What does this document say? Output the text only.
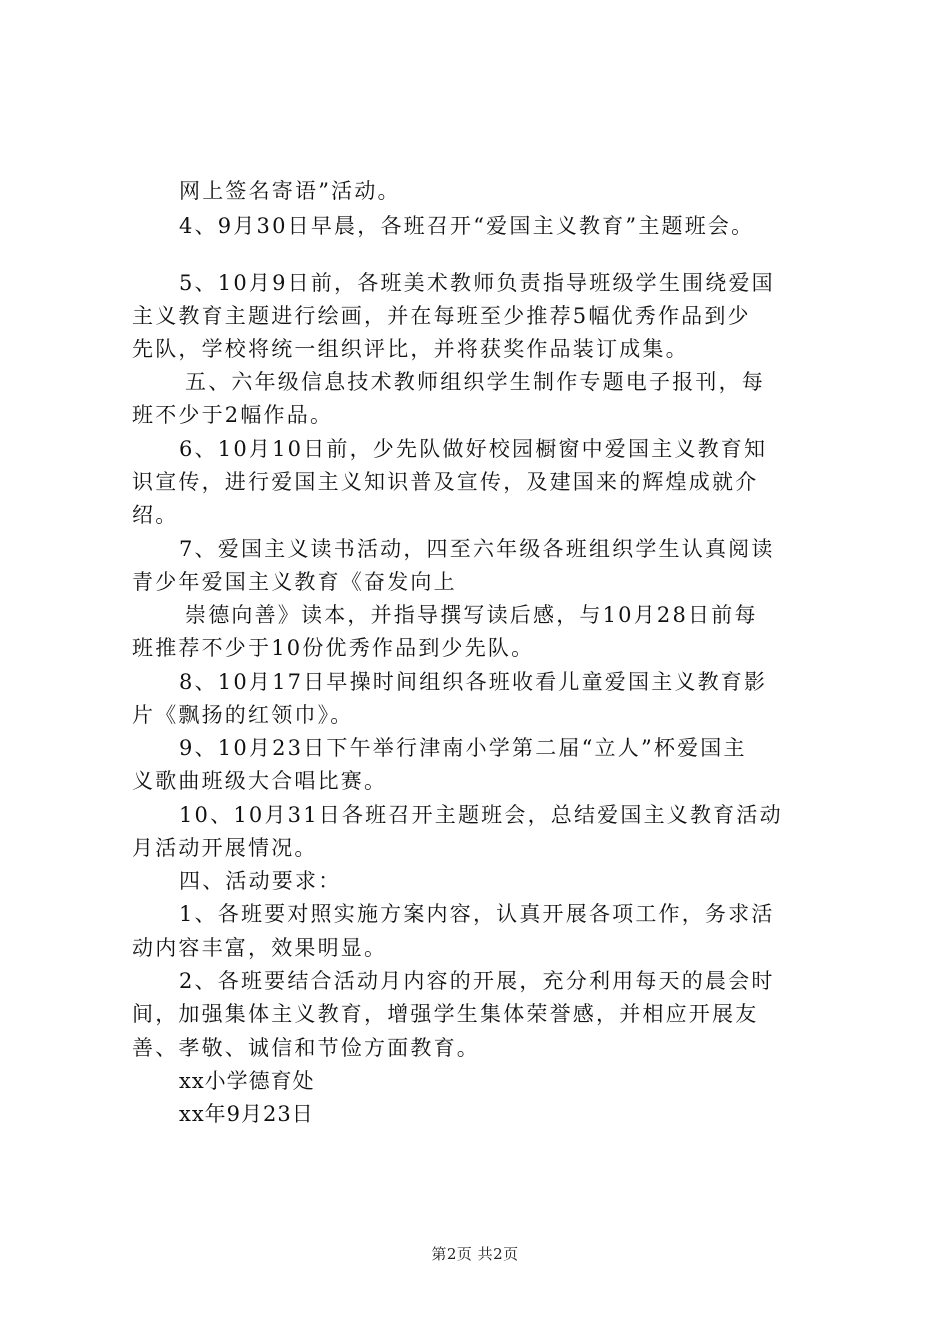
网上签名寄语”活动。
4、9月30日早晨，各班召开“爱国主义教育”主题班会。
5、10月9日前，各班美术教师负责指导班级学生围绕爱国
主义教育主题进行绘画，并在每班至少推荐5幅优秀作品到少
先队，学校将统一组织评比，并将获奖作品装订成集。
五、六年级信息技术教师组织学生制作专题电子报刊，每
班不少于2幅作品。
6、10月10日前，少先队做好校园橱窗中爱国主义教育知
识宣传，进行爱国主义知识普及宣传，及建国来的辉煌成就介
绍。
7、爱国主义读书活动，四至六年级各班组织学生认真阅读
青少年爱国主义教育《奋发向上
崇德向善》读本，并指导撰写读后感，与10月28日前每
班推荐不少于10份优秀作品到少先队。
8、10月17日早操时间组织各班收看儿童爱国主义教育影
片《飘扬的红领巾》。
9、10月23日下午举行津南小学第二届“立人”杯爱国主
义歌曲班级大合唱比赛。
10、10月31日各班召开主题班会，总结爱国主义教育活动
月活动开展情况。
四、活动要求：
1、各班要对照实施方案内容，认真开展各项工作，务求活
动内容丰富，效果明显。
2、各班要结合活动月内容的开展，充分利用每天的晨会时
间，加强集体主义教育，增强学生集体荣誉感，并相应开展友
善、孝敬、诚信和节俭方面教育。
xx小学德育处
xx年9月23日
第2页 共2页
